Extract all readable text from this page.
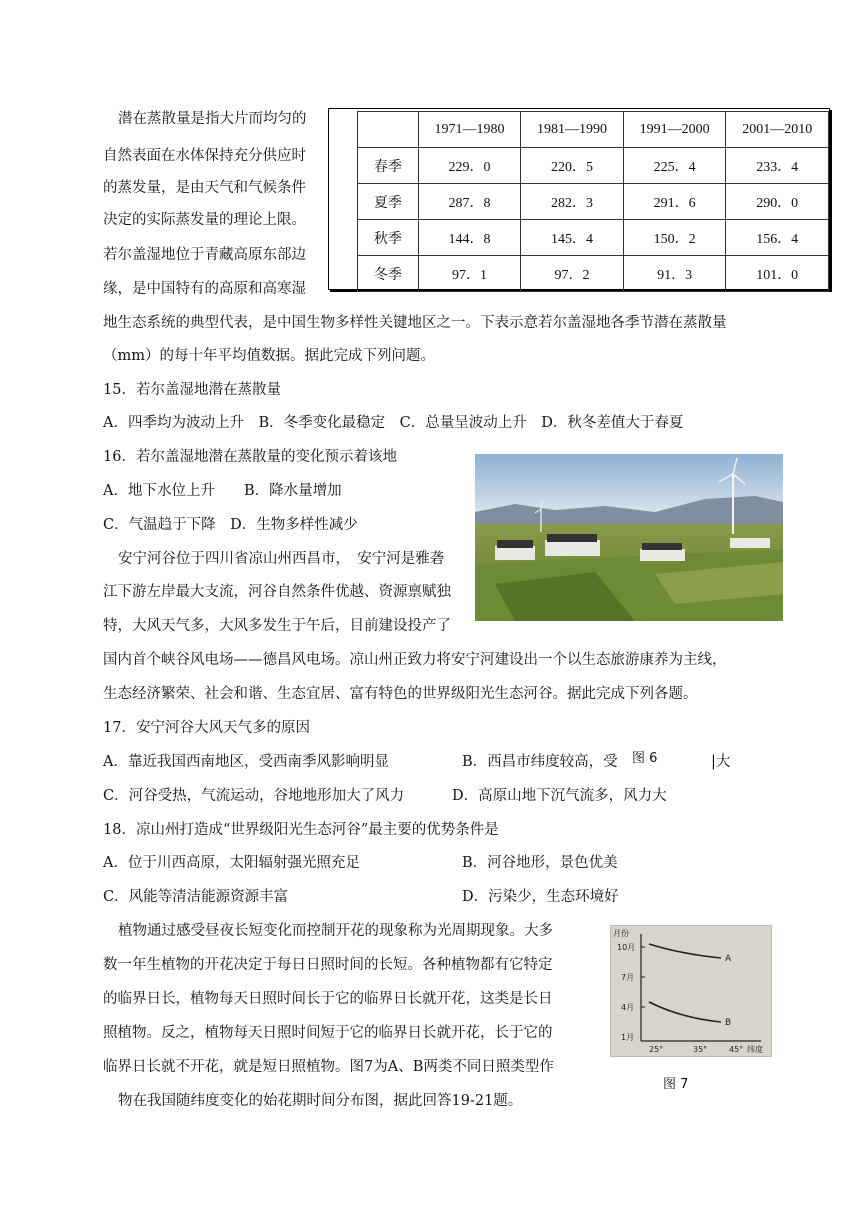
潜在蒸散量是指大片而均匀的
自然表面在水体保持充分供应时
的蒸发量，是由天气和气候条件
决定的实际蒸发量的理论上限。
若尔盖湿地位于青藏高原东部边
缘，是中国特有的高原和高寒湿
地生态系统的典型代表，是中国生物多样性关键地区之一。下表示意若尔盖湿地各季节潜在蒸散量
（mm）的每十年平均值数据。据此完成下列问题。
	1971—1980	1981—1990	1991—2000	2001—2010
春季	229．0	220．5	225．4	233．4
夏季	287．8	282．3	291．6	290．0
秋季	144．8	145．4	150．2	156．4
冬季	97．1	97．2	91．3	101．0
15．若尔盖湿地潜在蒸散量
A．四季均为波动上升　B．冬季变化最稳定　C．总量呈波动上升　D．秋冬差值大于春夏
16．若尔盖湿地潜在蒸散量的变化预示着该地
A．地下水位上升　　B．降水量增加
C．气温趋于下降　D．生物多样性减少
安宁河谷位于四川省凉山州西昌市，　安宁河是雅砻
江下游左岸最大支流，河谷自然条件优越、资源禀赋独
特，大风天气多，大风多发生于午后，目前建设投产了
国内首个峡谷风电场——德昌风电场。凉山州正致力将安宁河建设出一个以生态旅游康养为主线，
生态经济繁荣、社会和谐、生态宜居、富有特色的世界级阳光生态河谷。据此完成下列各题。
17．安宁河谷大风天气多的原因
A．靠近我国西南地区，受西南季风影响明显	B．西昌市纬度较高，受	图 6	|大
C．河谷受热，气流运动，谷地地形加大了风力	D．高原山地下沉气流多，风力大
18．凉山州打造成“世界级阳光生态河谷”最主要的优势条件是
A．位于川西高原，太阳辐射强光照充足	B．河谷地形，景色优美
C．风能等清洁能源资源丰富	D．污染少，生态环境好
植物通过感受昼夜长短变化而控制开花的现象称为光周期现象。大多
数一年生植物的开花决定于每日日照时间的长短。各种植物都有它特定
的临界日长，植物每天日照时间长于它的临界日长就开花，这类是长日
照植物。反之，植物每天日照时间短于它的临界日长就开花，长于它的
临界日长就不开花，就是短日照植物。图7为A、B两类不同日照类型作
物在我国随纬度变化的始花期时间分布图，据此回答19-21题。
月份
10月
7月
4月
1月
A
B
25°	35°	45° 纬度
图 7
